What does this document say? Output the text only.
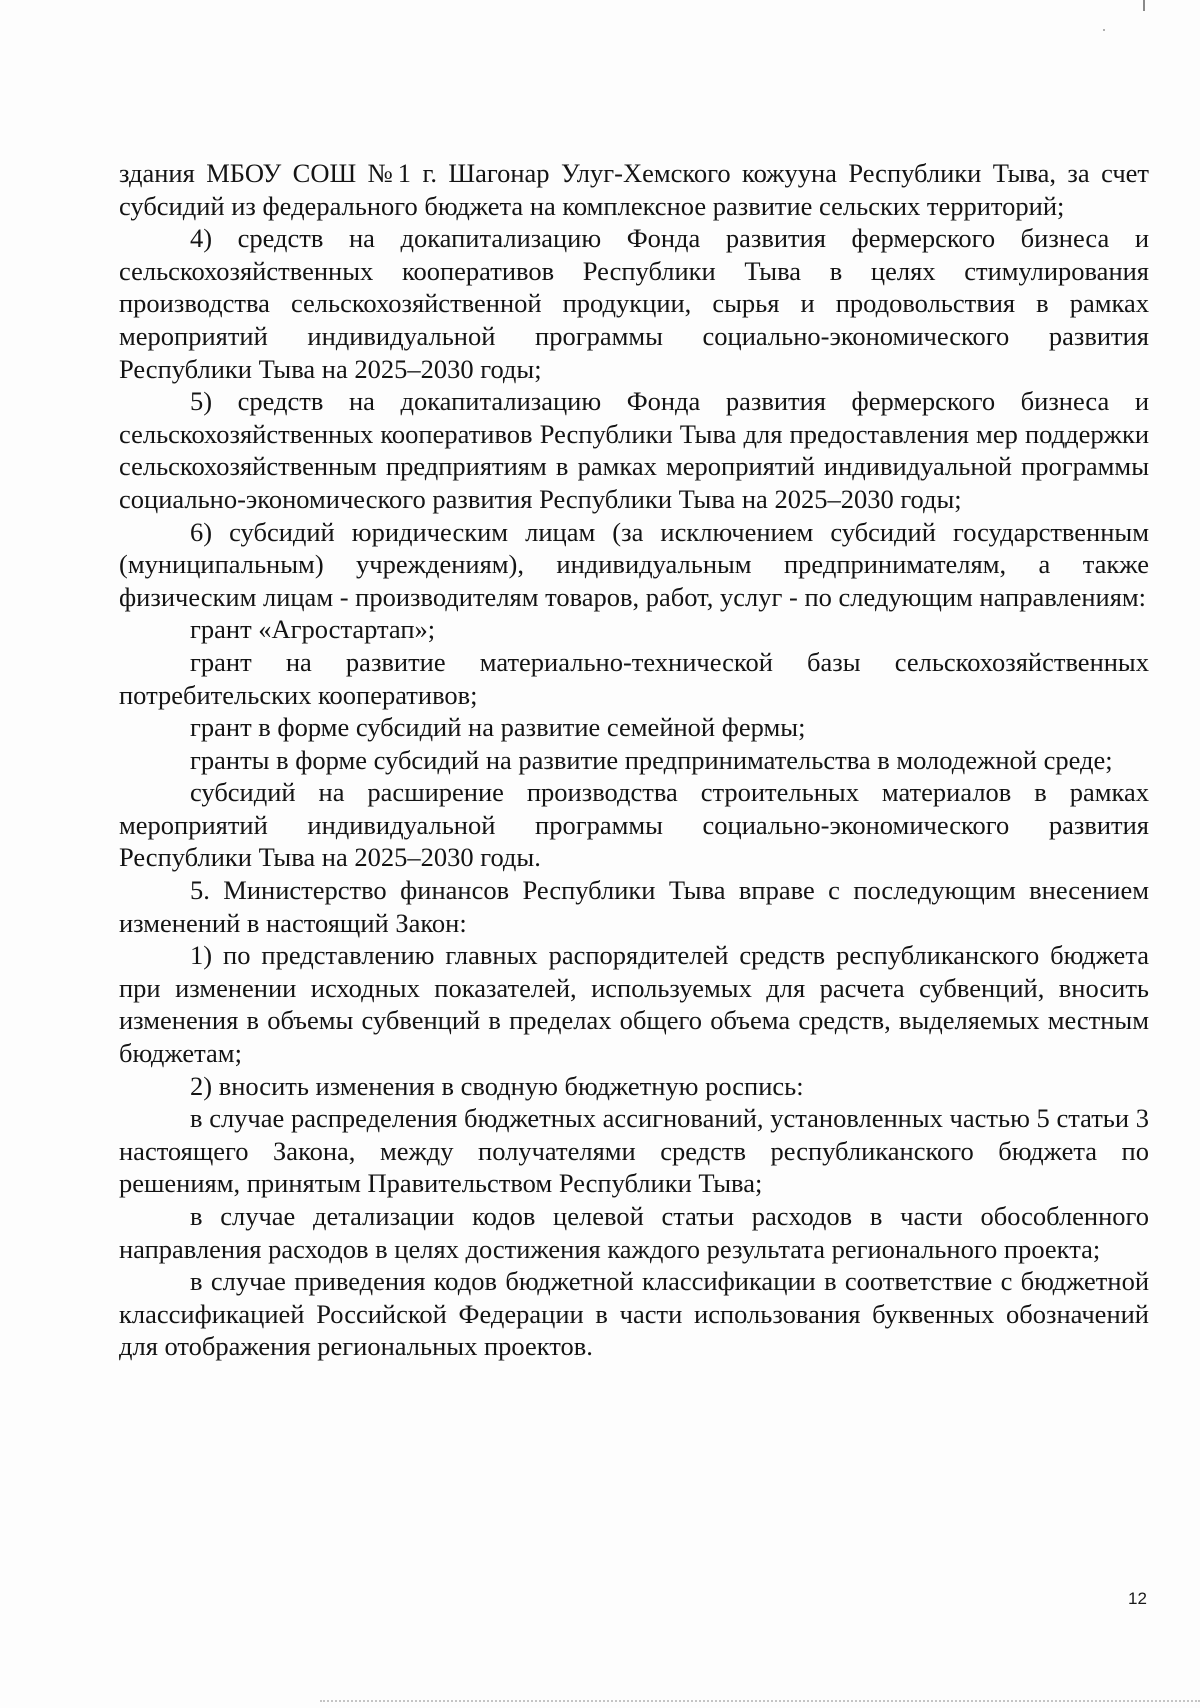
здания МБОУ СОШ №1 г. Шагонар Улуг-Хемского кожууна Республики Тыва, за счет субсидий из федерального бюджета на комплексное развитие сельских территорий;

4) средств на докапитализацию Фонда развития фермерского бизнеса и сельскохозяйственных кооперативов Республики Тыва в целях стимулирования производства сельскохозяйственной продукции, сырья и продовольствия в рамках мероприятий индивидуальной программы социально-экономического развития Республики Тыва на 2025–2030 годы;

5) средств на докапитализацию Фонда развития фермерского бизнеса и сельскохозяйственных кооперативов Республики Тыва для предоставления мер поддержки сельскохозяйственным предприятиям в рамках мероприятий индивидуальной программы социально-экономического развития Республики Тыва на 2025–2030 годы;

6) субсидий юридическим лицам (за исключением субсидий государственным (муниципальным) учреждениям), индивидуальным предпринимателям, а также физическим лицам - производителям товаров, работ, услуг - по следующим направлениям:

грант «Агростартап»;

грант на развитие материально-технической базы сельскохозяйственных потребительских кооперативов;

грант в форме субсидий на развитие семейной фермы;

гранты в форме субсидий на развитие предпринимательства в молодежной среде;

субсидий на расширение производства строительных материалов в рамках мероприятий индивидуальной программы социально-экономического развития Республики Тыва на 2025–2030 годы.

5. Министерство финансов Республики Тыва вправе с последующим внесением изменений в настоящий Закон:

1) по представлению главных распорядителей средств республиканского бюджета при изменении исходных показателей, используемых для расчета субвенций, вносить изменения в объемы субвенций в пределах общего объема средств, выделяемых местным бюджетам;

2) вносить изменения в сводную бюджетную роспись:

в случае распределения бюджетных ассигнований, установленных частью 5 статьи 3 настоящего Закона, между получателями средств республиканского бюджета по решениям, принятым Правительством Республики Тыва;

в случае детализации кодов целевой статьи расходов в части обособленного направления расходов в целях достижения каждого результата регионального проекта;

в случае приведения кодов бюджетной классификации в соответствие с бюджетной классификацией Российской Федерации в части использования буквенных обозначений для отображения региональных проектов.

12
